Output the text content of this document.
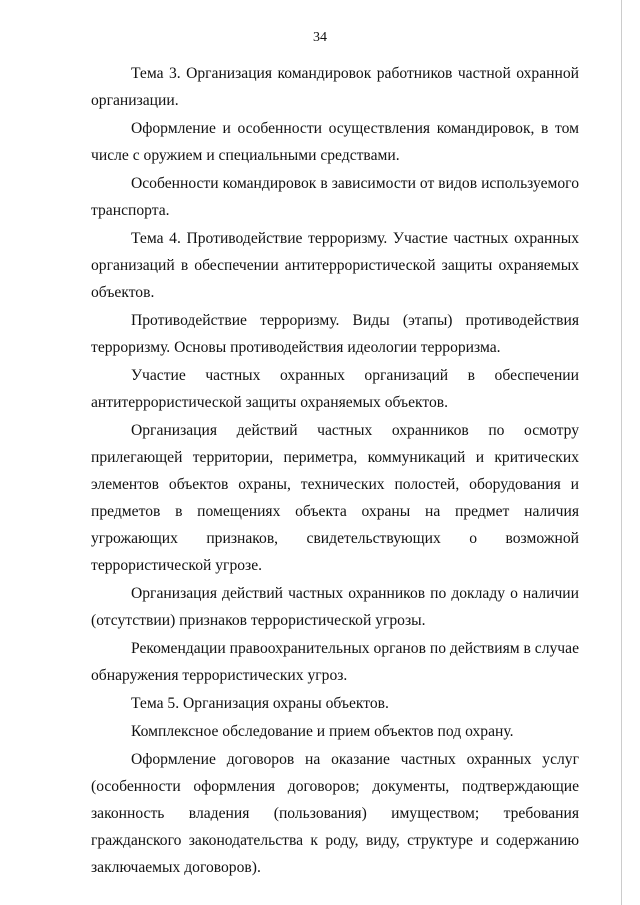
34

Тема 3. Организация командировок работников частной охранной организации.

Оформление и особенности осуществления командировок, в том числе с оружием и специальными средствами.

Особенности командировок в зависимости от видов используемого транспорта.

Тема 4. Противодействие терроризму. Участие частных охранных организаций в обеспечении антитеррористической защиты охраняемых объектов.

Противодействие терроризму. Виды (этапы) противодействия терроризму. Основы противодействия идеологии терроризма.

Участие частных охранных организаций в обеспечении антитеррористической защиты охраняемых объектов.

Организация действий частных охранников по осмотру прилегающей территории, периметра, коммуникаций и критических элементов объектов охраны, технических полостей, оборудования и предметов в помещениях объекта охраны на предмет наличия угрожающих признаков, свидетельствующих о возможной террористической угрозе.

Организация действий частных охранников по докладу о наличии (отсутствии) признаков террористической угрозы.

Рекомендации правоохранительных органов по действиям в случае обнаружения террористических угроз.

Тема 5. Организация охраны объектов.

Комплексное обследование и прием объектов под охрану.

Оформление договоров на оказание частных охранных услуг (особенности оформления договоров; документы, подтверждающие законность владения (пользования) имуществом; требования гражданского законодательства к роду, виду, структуре и содержанию заключаемых договоров).
